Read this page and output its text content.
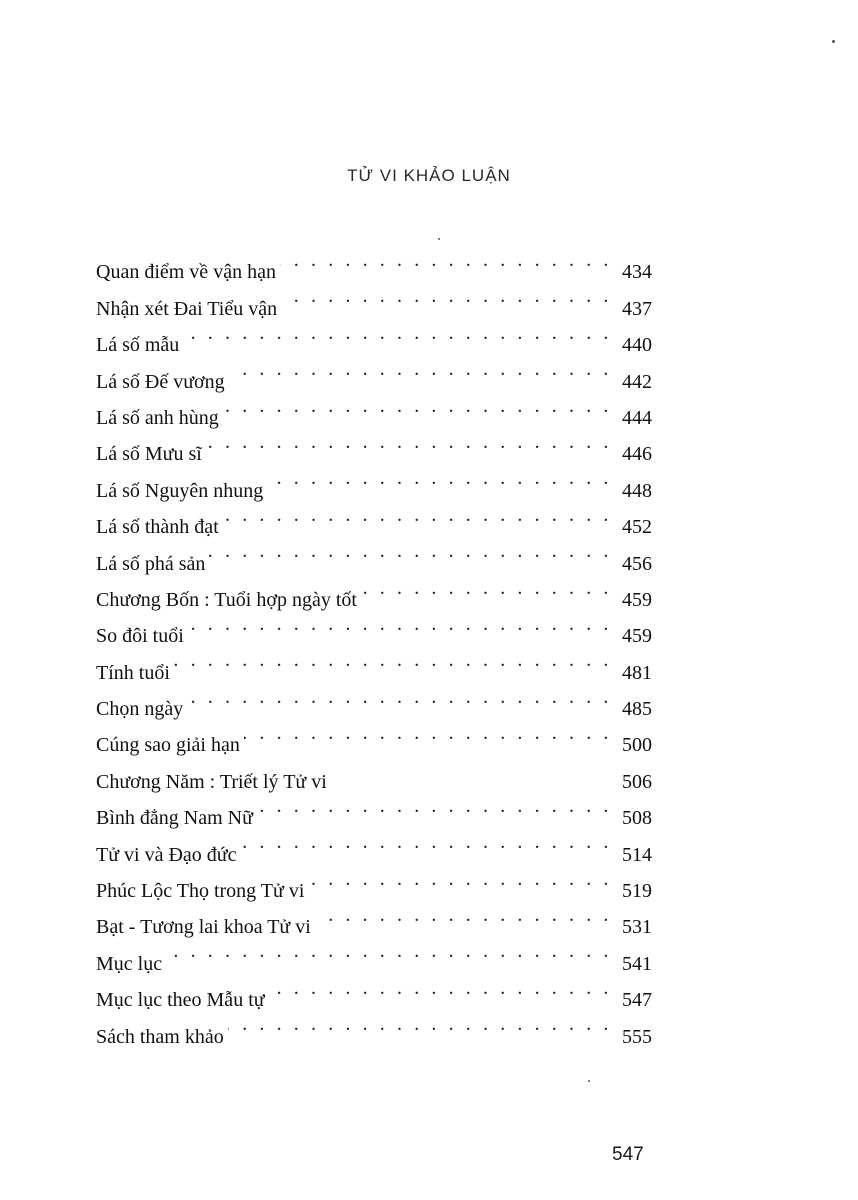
TỬ VI KHẢO LUẬN
Quan điểm về vận hạn . . .	434
Nhận xét Đai Tiểu vận . . .	437
Lá số mẫu . . .	440
Lá số Đế vương . . .	442
Lá số anh hùng . . .	444
Lá số Mưu sĩ . . .	446
Lá số Nguyên nhung . . .	448
Lá số thành đạt . . .	452
Lá số phá sản . . .	456
Chương Bốn : Tuổi hợp ngày tốt . . .	459
So đôi tuổi . . .	459
Tính tuổi . . .	481
Chọn ngày . . .	485
Cúng sao giải hạn . . .	500
Chương Năm : Triết lý Tử vi	506
Bình đẳng Nam Nữ . . .	508
Tử vi và Đạo đức . . .	514
Phúc Lộc Thọ trong Tử vi . . .	519
Bạt - Tương lai khoa Tử vi . . .	531
Mục lục . . .	541
Mục lục theo Mẫu tự . . .	547
Sách tham khảo . . .	555
547
